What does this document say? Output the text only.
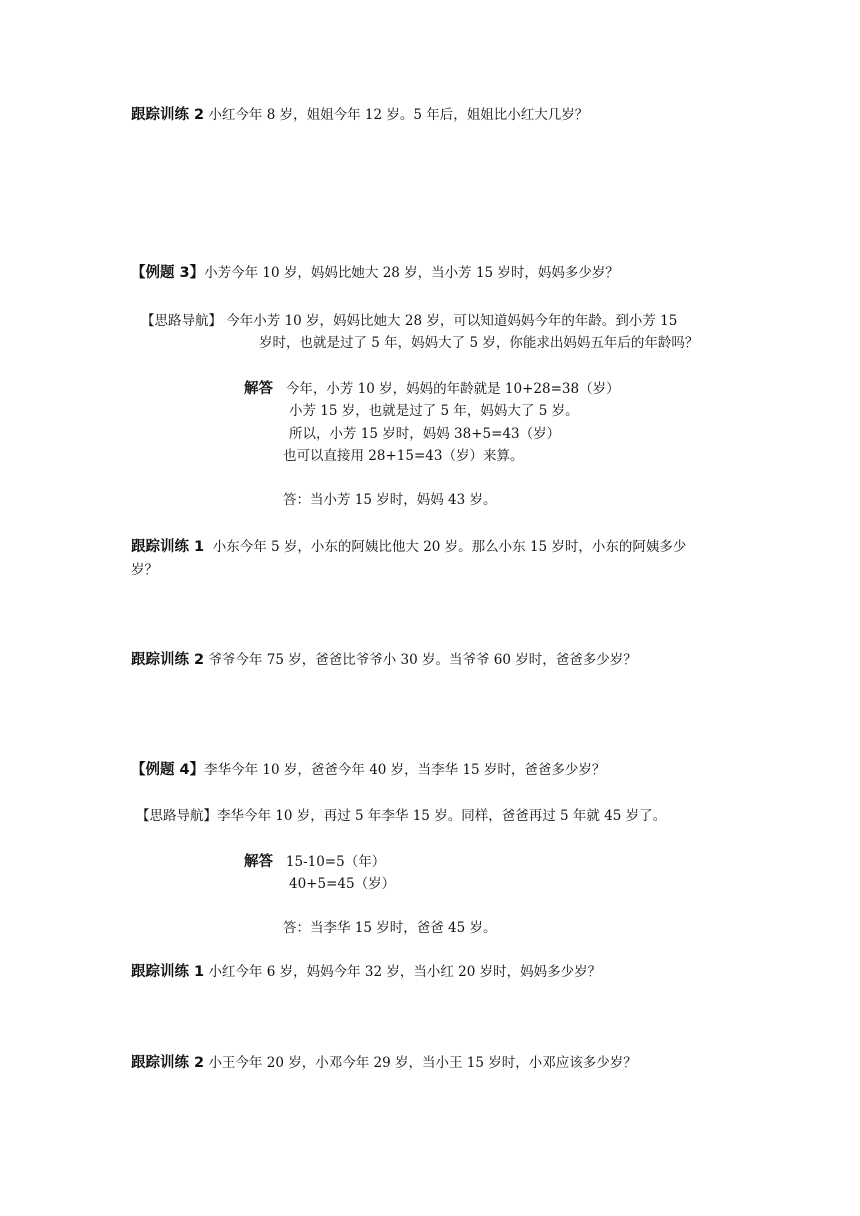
跟踪训练 2 小红今年 8 岁，姐姐今年 12 岁。5 年后，姐姐比小红大几岁？
【例题 3】小芳今年 10 岁，妈妈比她大 28 岁，当小芳 15 岁时，妈妈多少岁？
【思路导航】 今年小芳 10 岁，妈妈比她大 28 岁，可以知道妈妈今年的年龄。到小芳 15
岁时，也就是过了 5 年，妈妈大了 5 岁，你能求出妈妈五年后的年龄吗？
解答 今年，小芳 10 岁，妈妈的年龄就是 10+28=38（岁）
小芳 15 岁，也就是过了 5 年，妈妈大了 5 岁。
所以，小芳 15 岁时，妈妈 38+5=43（岁）
也可以直接用 28+15=43（岁）来算。
答：当小芳 15 岁时，妈妈 43 岁。
跟踪训练 1 小东今年 5 岁，小东的阿姨比他大 20 岁。那么小东 15 岁时，小东的阿姨多少
岁？
跟踪训练 2 爷爷今年 75 岁，爸爸比爷爷小 30 岁。当爷爷 60 岁时，爸爸多少岁？
【例题 4】李华今年 10 岁，爸爸今年 40 岁，当李华 15 岁时，爸爸多少岁？
【思路导航】李华今年 10 岁，再过 5 年李华 15 岁。同样，爸爸再过 5 年就 45 岁了。
解答 15-10=5（年）
40+5=45（岁）
答：当李华 15 岁时，爸爸 45 岁。
跟踪训练 1 小红今年 6 岁，妈妈今年 32 岁，当小红 20 岁时，妈妈多少岁？
跟踪训练 2 小王今年 20 岁，小邓今年 29 岁，当小王 15 岁时，小邓应该多少岁？
